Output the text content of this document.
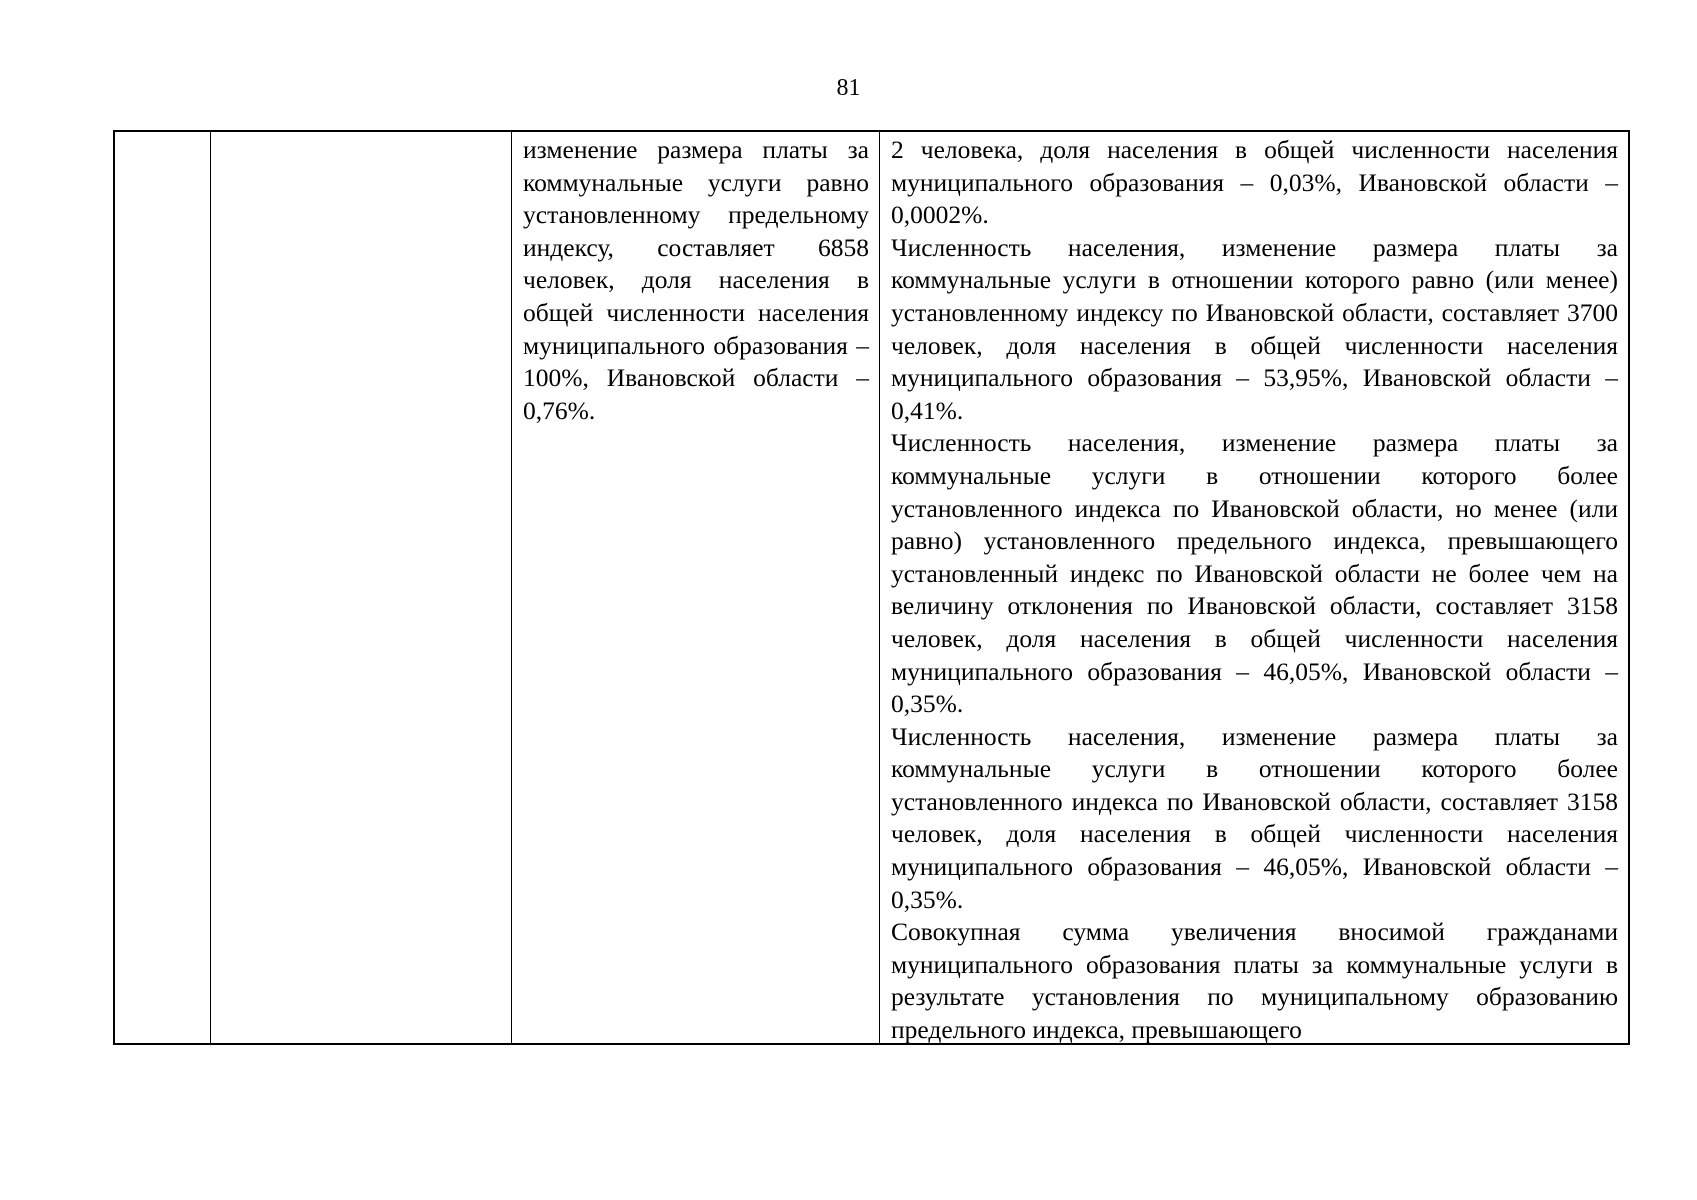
81
изменение размера платы за коммунальные услуги равно установленному предельному индексу, составляет 6858 человек, доля населения в общей численности населения муниципального образования – 100%, Ивановской области – 0,76%.

2 человека, доля населения в общей численности населения муниципального образования – 0,03%, Ивановской области – 0,0002%.

Численность населения, изменение размера платы за коммунальные услуги в отношении которого равно (или менее) установленному индексу по Ивановской области, составляет 3700 человек, доля населения в общей численности населения муниципального образования – 53,95%, Ивановской области – 0,41%.

Численность населения, изменение размера платы за коммунальные услуги в отношении которого более установленного индекса по Ивановской области, но менее (или равно) установленного предельного индекса, превышающего установленный индекс по Ивановской области не более чем на величину отклонения по Ивановской области, составляет 3158 человек, доля населения в общей численности населения муниципального образования – 46,05%, Ивановской области – 0,35%.

Численность населения, изменение размера платы за коммунальные услуги в отношении которого более установленного индекса по Ивановской области, составляет 3158 человек, доля населения в общей численности населения муниципального образования – 46,05%, Ивановской области – 0,35%.

Совокупная сумма увеличения вносимой гражданами муниципального образования платы за коммунальные услуги в результате установления по муниципальному образованию предельного индекса, превышающего
